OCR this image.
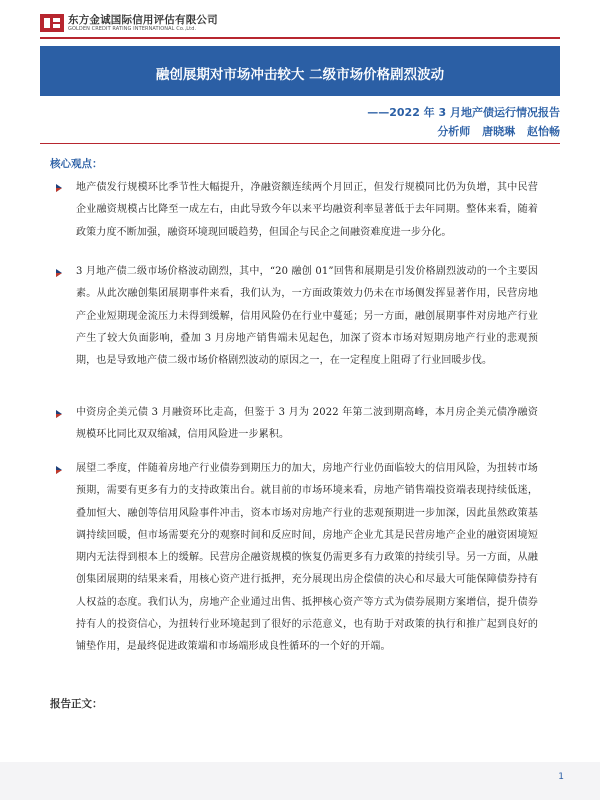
东方金诚国际信用评估有限公司
GOLDEN CREDIT RATING INTERNATIONAL Co.,Ltd.
融创展期对市场冲击较大 二级市场价格剧烈波动
——2022 年 3 月地产债运行情况报告
分析师 唐晓琳 赵怡畅
核心观点：
地产债发行规模环比季节性大幅提升，净融资额连续两个月回正，但发行规模同比仍为负增，其中民营企业融资规模占比降至一成左右，由此导致今年以来平均融资利率显著低于去年同期。整体来看，随着政策力度不断加强，融资环境现回暖趋势，但国企与民企之间融资难度进一步分化。
3 月地产债二级市场价格波动剧烈，其中，“20 融创 01”回售和展期是引发价格剧烈波动的一个主要因素。从此次融创集团展期事件来看，我们认为，一方面政策效力仍未在市场侧发挥显著作用，民营房地产企业短期现金流压力未得到缓解，信用风险仍在行业中蔓延；另一方面，融创展期事件对房地产行业产生了较大负面影响，叠加 3 月房地产销售端未见起色，加深了资本市场对短期房地产行业的悲观预期，也是导致地产债二级市场价格剧烈波动的原因之一，在一定程度上阻碍了行业回暖步伐。
中资房企美元债 3 月融资环比走高，但鉴于 3 月为 2022 年第二波到期高峰，本月房企美元债净融资规模环比同比双双缩减，信用风险进一步累积。
展望二季度，伴随着房地产行业债券到期压力的加大，房地产行业仍面临较大的信用风险，为扭转市场预期，需要有更多有力的支持政策出台。就目前的市场环境来看，房地产销售端投资端表现持续低迷，叠加恒大、融创等信用风险事件冲击，资本市场对房地产行业的悲观预期进一步加深，因此虽然政策基调持续回暖，但市场需要充分的观察时间和反应时间，房地产企业尤其是民营房地产企业的融资困境短期内无法得到根本上的缓解。民营房企融资规模的恢复仍需更多有力政策的持续引导。另一方面，从融创集团展期的结果来看，用核心资产进行抵押，充分展现出房企偿债的决心和尽最大可能保障债券持有人权益的态度。我们认为，房地产企业通过出售、抵押核心资产等方式为债券展期方案增信，提升债券持有人的投资信心，为扭转行业环境起到了很好的示范意义，也有助于对政策的执行和推广起到良好的铺垫作用，是最终促进政策端和市场端形成良性循环的一个好的开端。
报告正文：
1
